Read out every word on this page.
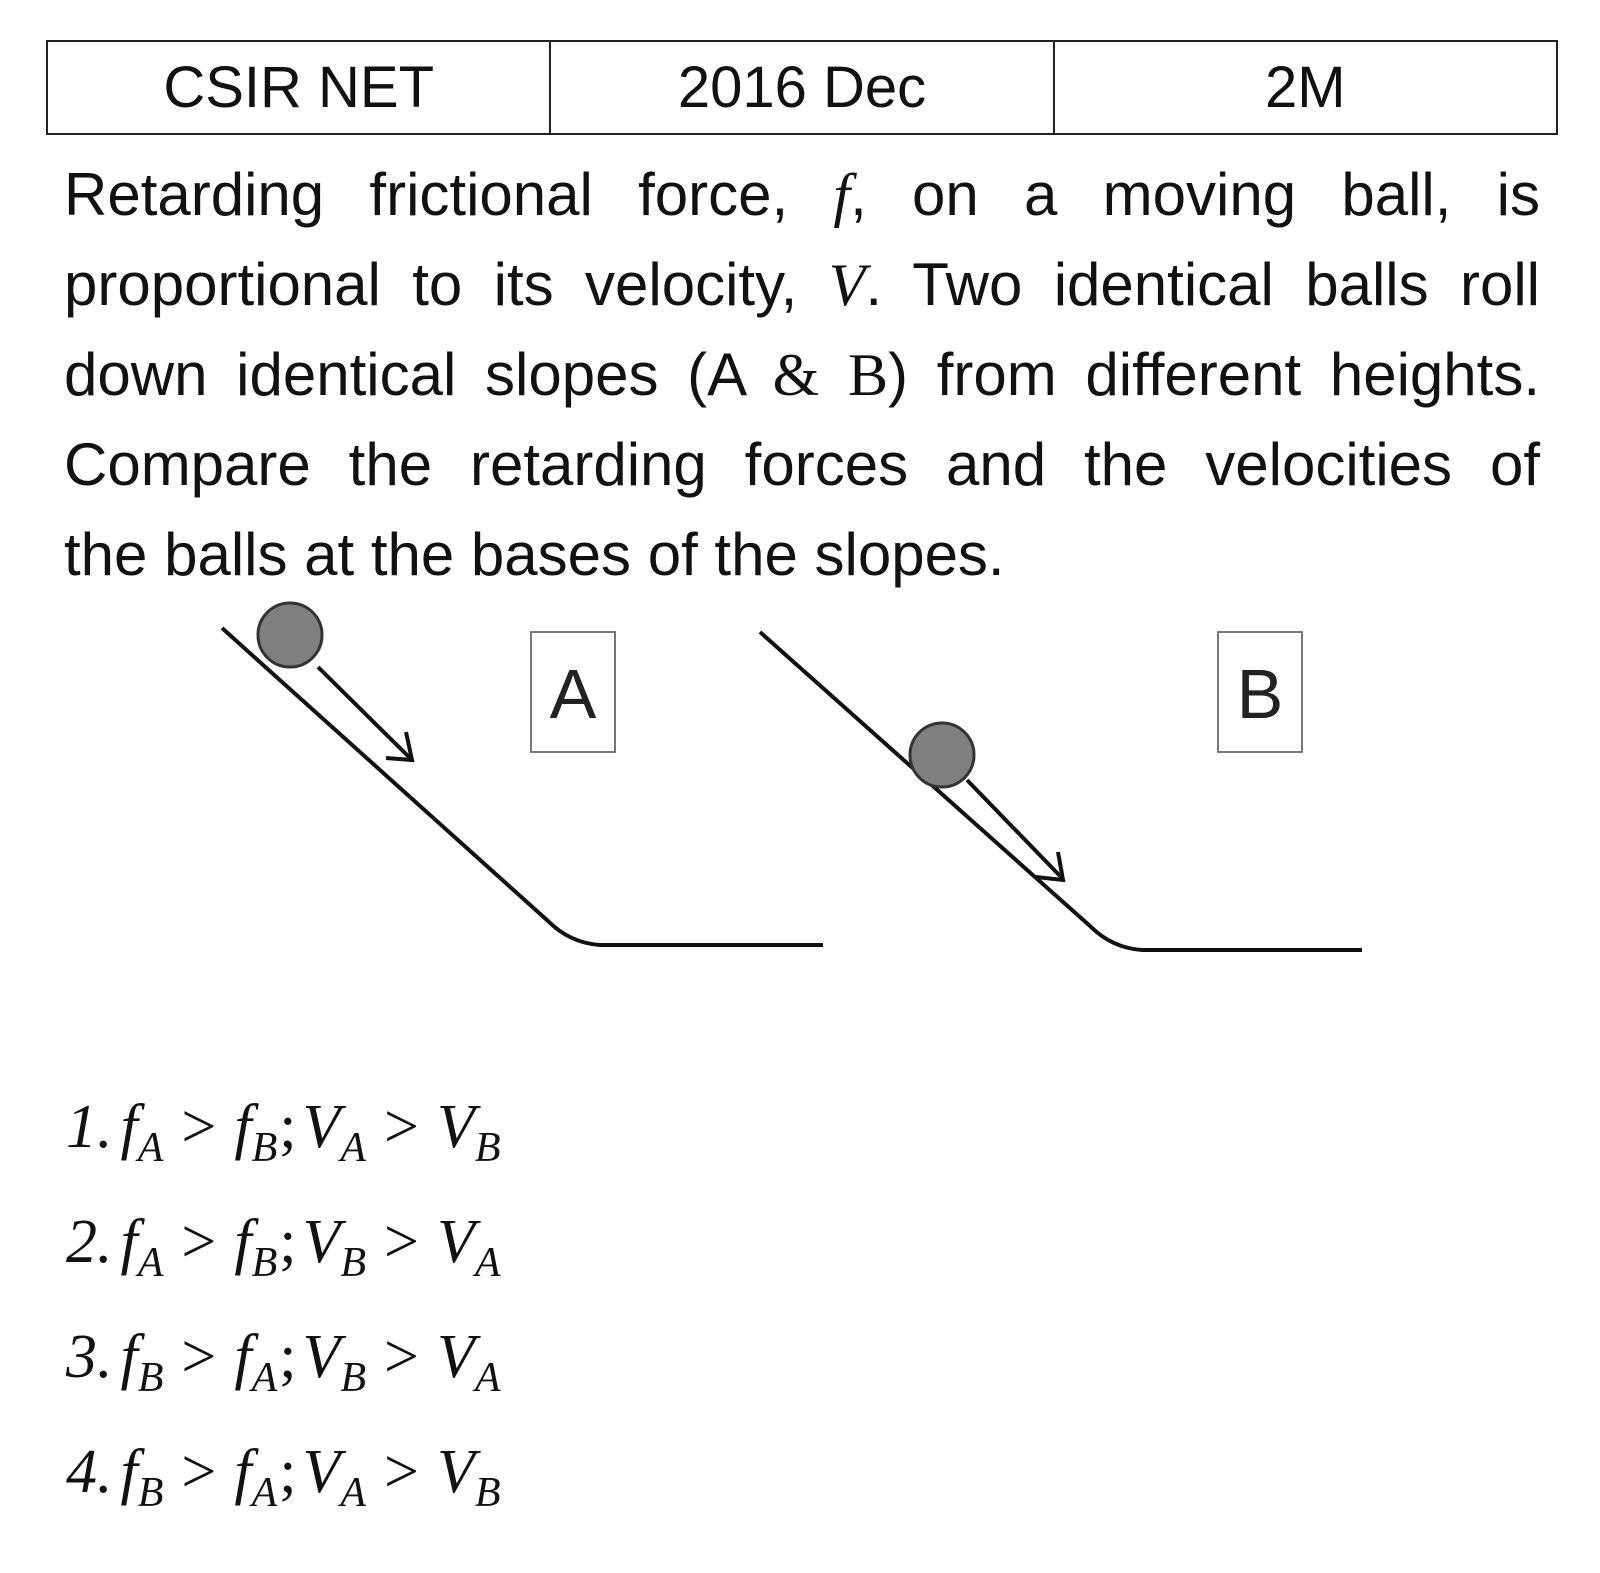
CSIR NET	2016 Dec	2M
Retarding frictional force, f, on a moving ball, is
proportional to its velocity, V. Two identical balls roll
down identical slopes (A & B) from different heights.
Compare the retarding forces and the velocities of
the balls at the bases of the slopes.
A	B
1. $f_A$ > $f_B;V_A > V_B$
2. $f_A$ > $f_B;V_B > V_A$
3. $f_B$ > $f_A;V_B > V_A$
4. $f_B$ > $f_A;V_A > V_B$
